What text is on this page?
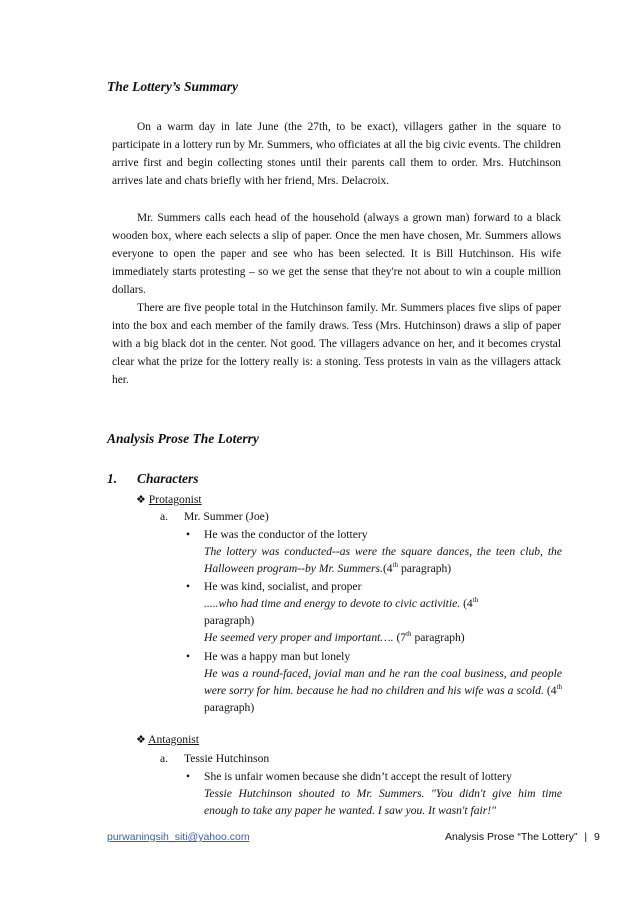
The Lottery’s Summary

On a warm day in late June (the 27th, to be exact), villagers gather in the square to participate in a lottery run by Mr. Summers, who officiates at all the big civic events. The children arrive first and begin collecting stones until their parents call them to order. Mrs. Hutchinson arrives late and chats briefly with her friend, Mrs. Delacroix.

Mr. Summers calls each head of the household (always a grown man) forward to a black wooden box, where each selects a slip of paper. Once the men have chosen, Mr. Summers allows everyone to open the paper and see who has been selected. It is Bill Hutchinson. His wife immediately starts protesting – so we get the sense that they're not about to win a couple million dollars.

There are five people total in the Hutchinson family. Mr. Summers places five slips of paper into the box and each member of the family draws. Tess (Mrs. Hutchinson) draws a slip of paper with a big black dot in the center. Not good. The villagers advance on her, and it becomes crystal clear what the prize for the lottery really is: a stoning. Tess protests in vain as the villagers attack her.

Analysis Prose The Loterry
1. Characters
❖ Protagonist
a. Mr. Summer (Joe)
• He was the conductor of the lottery
The lottery was conducted--as were the square dances, the teen club, the Halloween program--by Mr. Summers.(4th paragraph)
• He was kind, socialist, and proper
.....who had time and energy to devote to civic activitie. (4th
paragraph)
He seemed very proper and important…. (7th paragraph)
• He was a happy man but lonely
He was a round-faced, jovial man and he ran the coal business, and people were sorry for him. because he had no children and his wife was a scold. (4th paragraph)
❖ Antagonist
a. Tessie Hutchinson
• She is unfair women because she didn’t accept the result of lottery
Tessie Hutchinson shouted to Mr. Summers. "You didn't give him time enough to take any paper he wanted. I saw you. It wasn't fair!"
purwaningsih_siti@yahoo.com	Analysis Prose “The Lottery” | 9
